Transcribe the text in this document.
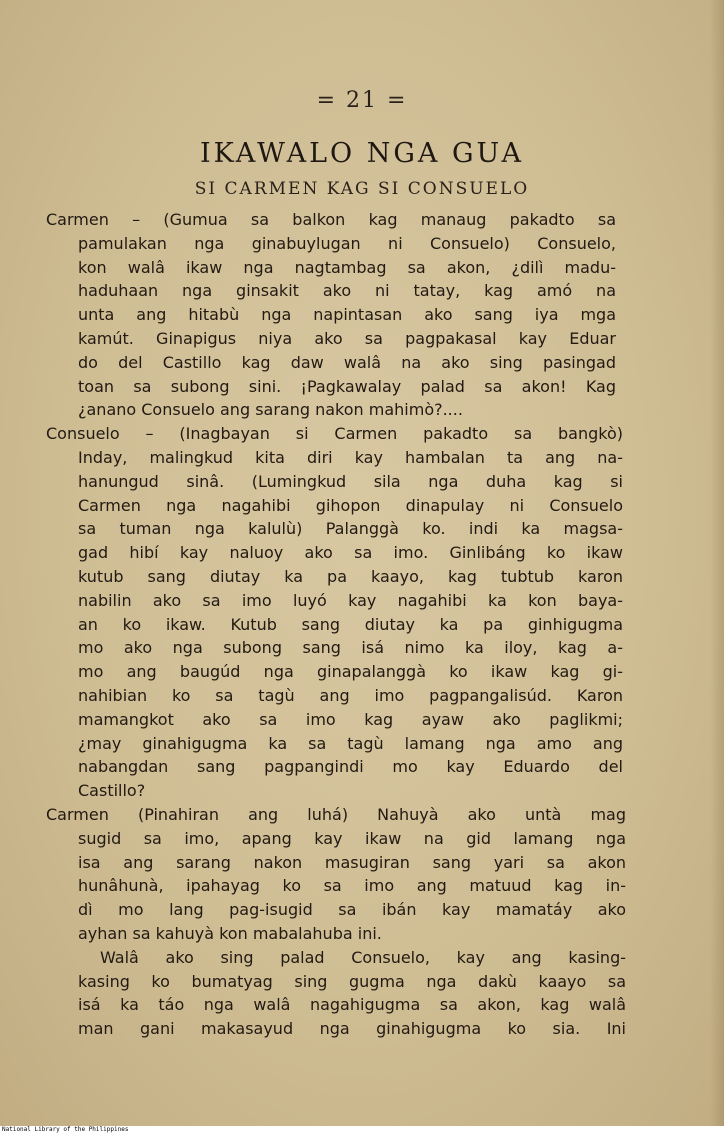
= 21 =
IKAWALO NGA GUA
SI CARMEN KAG SI CONSUELO
Carmen – (Gumua sa balkon kag manaug pakadto sa
pamulakan nga ginabuylugan ni Consuelo) Consuelo,
kon walâ ikaw nga nagtambag sa akon, ¿dilì madu-
haduhaan nga ginsakit ako ni tatay, kag amó na
unta ang hitabù nga napintasan ako sang iya mga
kamút. Ginapigus niya ako sa pagpakasal kay Eduar
do del Castillo kag daw walâ na ako sing pasingad
toan sa subong sini. ¡Pagkawalay palad sa akon! Kag
¿anano Consuelo ang sarang nakon mahimò?....
Consuelo – (Inagbayan si Carmen pakadto sa bangkò)
Inday, malingkud kita diri kay hambalan ta ang na-
hanungud sinâ. (Lumingkud sila nga duha kag si
Carmen nga nagahibi gihopon dinapulay ni Consuelo
sa tuman nga kalulù) Palanggà ko. indi ka magsa-
gad hibí kay naluoy ako sa imo. Ginlibáng ko ikaw
kutub sang diutay ka pa kaayo, kag tubtub karon
nabilin ako sa imo luyó kay nagahibi ka kon baya-
an ko ikaw. Kutub sang diutay ka pa ginhigugma
mo ako nga subong sang isá nimo ka iloy, kag a-
mo ang baugúd nga ginapalanggà ko ikaw kag gi-
nahibian ko sa tagù ang imo pagpangalisúd. Karon
mamangkot ako sa imo kag ayaw ako paglikmi;
¿may ginahigugma ka sa tagù lamang nga amo ang
nabangdan sang pagpangindi mo kay Eduardo del
Castillo?
Carmen (Pinahiran ang luhá) Nahuyà ako untà mag
sugid sa imo, apang kay ikaw na gid lamang nga
isa ang sarang nakon masugiran sang yari sa akon
hunâhunà, ipahayag ko sa imo ang matuud kag in-
dì mo lang pag-isugid sa ibán kay mamatáy ako
ayhan sa kahuyà kon mabalahuba ini.
Walâ ako sing palad Consuelo, kay ang kasing-
kasing ko bumatyag sing gugma nga dakù kaayo sa
isá ka táo nga walâ nagahigugma sa akon, kag walâ
man gani makasayud nga ginahigugma ko sia. Ini
National Library of the Philippines
